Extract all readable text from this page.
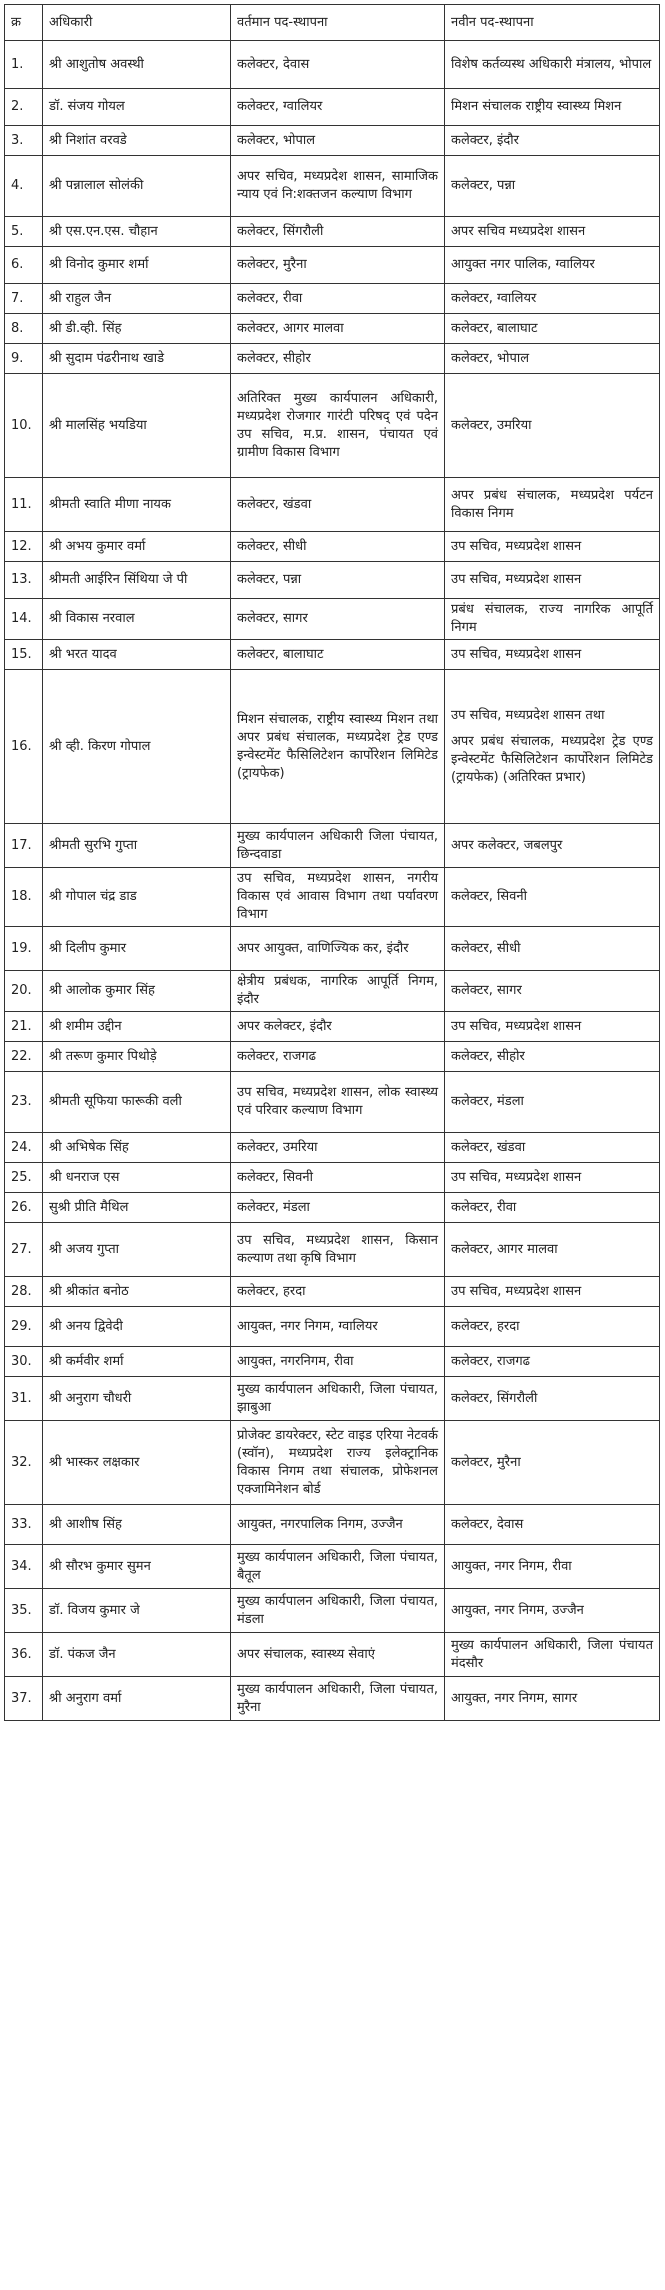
क्र	अधिकारी	वर्तमान पद-स्थापना	नवीन पद-स्थापना
1.	श्री आशुतोष अवस्थी	कलेक्टर, देवास	विशेष कर्तव्यस्थ अधिकारी मंत्रालय, भोपाल
2.	डॉ. संजय गोयल	कलेक्टर, ग्वालियर	मिशन संचालक राष्ट्रीय स्वास्थ्य मिशन
3.	श्री निशांत वरवडे	कलेक्टर, भोपाल	कलेक्टर, इंदौर
4.	श्री पन्नालाल सोलंकी	अपर सचिव, मध्यप्रदेश शासन, सामाजिक न्याय एवं नि:शक्तजन कल्याण विभाग	कलेक्टर, पन्ना
5.	श्री एस.एन.एस. चौहान	कलेक्टर, सिंगरौली	अपर सचिव मध्यप्रदेश शासन
6.	श्री विनोद कुमार शर्मा	कलेक्टर, मुरैना	आयुक्त नगर पालिक, ग्वालियर
7.	श्री राहुल जैन	कलेक्टर, रीवा	कलेक्टर, ग्वालियर
8.	श्री डी.व्ही. सिंह	कलेक्टर, आगर मालवा	कलेक्टर, बालाघाट
9.	श्री सुदाम पंढरीनाथ खाडे	कलेक्टर, सीहोर	कलेक्टर, भोपाल
10.	श्री मालसिंह भयडिया	अतिरिक्त मुख्य कार्यपालन अधिकारी, मध्यप्रदेश रोजगार गारंटी परिषद् एवं पदेन उप सचिव, म.प्र. शासन, पंचायत एवं ग्रामीण विकास विभाग	कलेक्टर, उमरिया
11.	श्रीमती स्वाति मीणा नायक	कलेक्टर, खंडवा	अपर प्रबंध संचालक, मध्यप्रदेश पर्यटन विकास निगम
12.	श्री अभय कुमार वर्मा	कलेक्टर, सीधी	उप सचिव, मध्यप्रदेश शासन
13.	श्रीमती आईरिन सिंथिया जे पी	कलेक्टर, पन्ना	उप सचिव, मध्यप्रदेश शासन
14.	श्री विकास नरवाल	कलेक्टर, सागर	प्रबंध संचालक, राज्य नागरिक आपूर्ति निगम
15.	श्री भरत यादव	कलेक्टर, बालाघाट	उप सचिव, मध्यप्रदेश शासन
16.	श्री व्ही. किरण गोपाल	मिशन संचालक, राष्ट्रीय स्वास्थ्य मिशन तथा अपर प्रबंध संचालक, मध्यप्रदेश ट्रेड एण्ड इन्वेस्टमेंट फैसिलिटेशन कार्पोरेशन लिमिटेड (ट्रायफेक)	उप सचिव, मध्यप्रदेश शासन तथा
अपर प्रबंध संचालक, मध्यप्रदेश ट्रेड एण्ड इन्वेस्टमेंट फैसिलिटेशन कार्पोरेशन लिमिटेड (ट्रायफेक) (अतिरिक्त प्रभार)

17.	श्रीमती सुरभि गुप्ता	मुख्य कार्यपालन अधिकारी जिला पंचायत, छिन्दवाडा	अपर कलेक्टर, जबलपुर
18.	श्री गोपाल चंद्र डाड	उप सचिव, मध्यप्रदेश शासन, नगरीय विकास एवं आवास विभाग तथा पर्यावरण विभाग	कलेक्टर, सिवनी
19.	श्री दिलीप कुमार	अपर आयुक्त, वाणिज्यिक कर, इंदौर	कलेक्टर, सीधी
20.	श्री आलोक कुमार सिंह	क्षेत्रीय प्रबंधक, नागरिक आपूर्ति निगम, इंदौर	कलेक्टर, सागर
21.	श्री शमीम उद्दीन	अपर कलेक्टर, इंदौर	उप सचिव, मध्यप्रदेश शासन
22.	श्री तरूण कुमार पिथोड़े	कलेक्टर, राजगढ	कलेक्टर, सीहोर
23.	श्रीमती सूफिया फारूकी वली	उप सचिव, मध्यप्रदेश शासन, लोक स्वास्थ्य एवं परिवार कल्याण विभाग	कलेक्टर, मंडला
24.	श्री अभिषेक सिंह	कलेक्टर, उमरिया	कलेक्टर, खंडवा
25.	श्री धनराज एस	कलेक्टर, सिवनी	उप सचिव, मध्यप्रदेश शासन
26.	सुश्री प्रीति मैथिल	कलेक्टर, मंडला	कलेक्टर, रीवा
27.	श्री अजय गुप्ता	उप सचिव, मध्यप्रदेश शासन, किसान कल्याण तथा कृषि विभाग	कलेक्टर, आगर मालवा
28.	श्री श्रीकांत बनोठ	कलेक्टर, हरदा	उप सचिव, मध्यप्रदेश शासन
29.	श्री अनय द्विवेदी	आयुक्त, नगर निगम, ग्वालियर	कलेक्टर, हरदा
30.	श्री कर्मवीर शर्मा	आयुक्त, नगरनिगम, रीवा	कलेक्टर, राजगढ
31.	श्री अनुराग चौधरी	मुख्य कार्यपालन अधिकारी, जिला पंचायत, झाबुआ	कलेक्टर, सिंगरौली
32.	श्री भास्कर लक्षकार	प्रोजेक्ट डायरेक्टर, स्टेट वाइड एरिया नेटवर्क (स्वॉन), मध्यप्रदेश राज्य इलेक्ट्रानिक विकास निगम तथा संचालक, प्रोफेशनल एक्जामिनेशन बोर्ड	कलेक्टर, मुरैना
33.	श्री आशीष सिंह	आयुक्त, नगरपालिक निगम, उज्जैन	कलेक्टर, देवास
34.	श्री सौरभ कुमार सुमन	मुख्य कार्यपालन अधिकारी, जिला पंचायत, बैतूल	आयुक्त, नगर निगम, रीवा
35.	डॉ. विजय कुमार जे	मुख्य कार्यपालन अधिकारी, जिला पंचायत, मंडला	आयुक्त, नगर निगम, उज्जैन
36.	डॉ. पंकज जैन	अपर संचालक, स्वास्थ्य सेवाएं	मुख्य कार्यपालन अधिकारी, जिला पंचायत मंदसौर
37.	श्री अनुराग वर्मा	मुख्य कार्यपालन अधिकारी, जिला पंचायत, मुरैना	आयुक्त, नगर निगम, सागर
